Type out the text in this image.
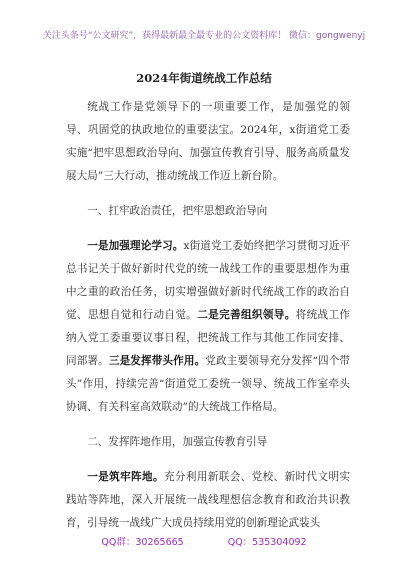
关注头条号“公文研究”，获得最新最全最专业的公文资料库！ 微信：gongwenyj
2024年街道统战工作总结

统战工作是党领导下的一项重要工作，是加强党的领导、巩固党的执政地位的重要法宝。2024年，x街道党工委实施“把牢思想政治导向、加强宣传教育引导、服务高质量发展大局”三大行动，推动统战工作迈上新台阶。

一、扛牢政治责任，把牢思想政治导向

一是加强理论学习。x街道党工委始终把学习贯彻习近平总书记关于做好新时代党的统一战线工作的重要思想作为重中之重的政治任务，切实增强做好新时代统战工作的政治自觉、思想自觉和行动自觉。二是完善组织领导。将统战工作纳入党工委重要议事日程，把统战工作与其他工作同安排、同部署。三是发挥带头作用。党政主要领导充分发挥“四个带头”作用，持续完善“街道党工委统一领导、统战工作室牵头协调、有关科室高效联动”的大统战工作格局。

二、发挥阵地作用，加强宣传教育引导

一是筑牢阵地。充分利用新联会、党校、新时代文明实践站等阵地，深入开展统一战线理想信念教育和政治共识教育，引导统一战线广大成员持续用党的创新理论武装头

QQ群：30265665	QQ：535304092
